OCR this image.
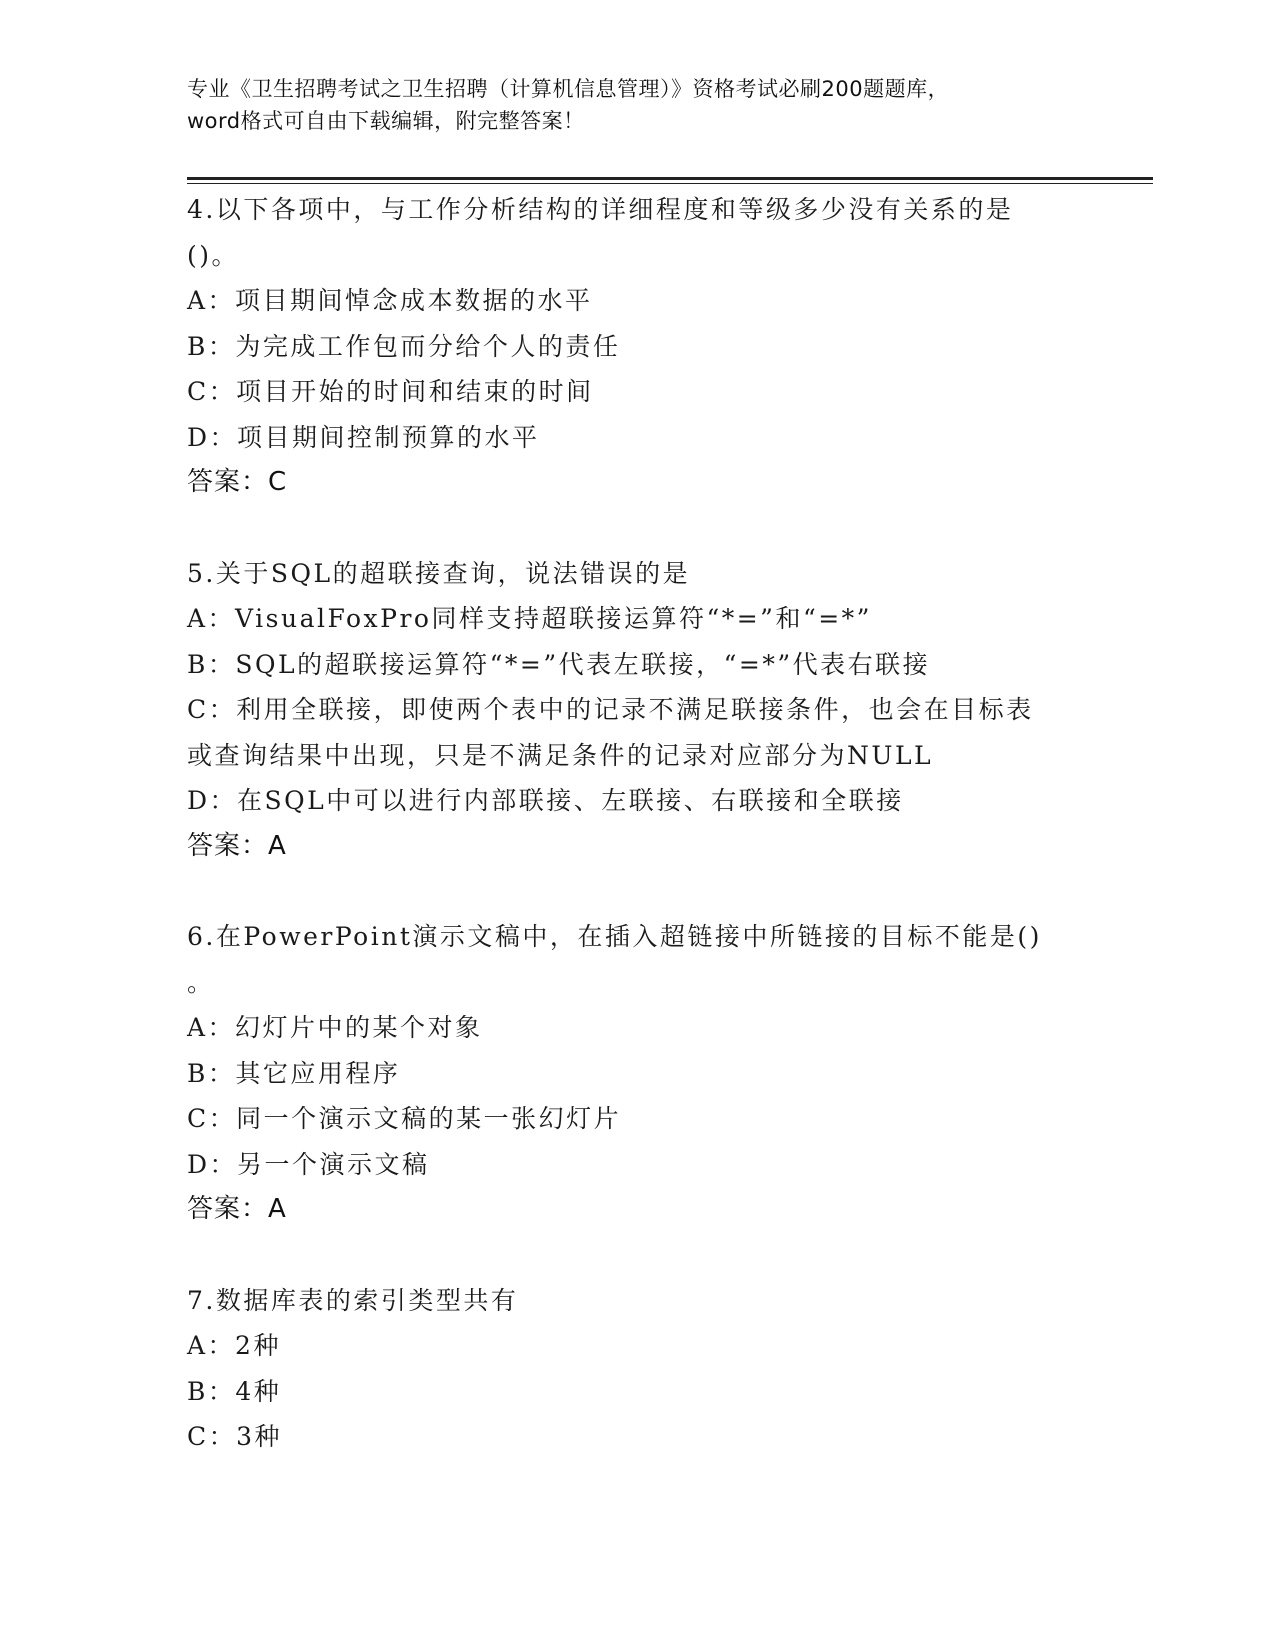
专业《卫生招聘考试之卫生招聘（计算机信息管理）》资格考试必刷200题题库，
word格式可自由下载编辑，附完整答案！
4.以下各项中，与工作分析结构的详细程度和等级多少没有关系的是
()。
A：项目期间悼念成本数据的水平
B：为完成工作包而分给个人的责任
C：项目开始的时间和结束的时间
D：项目期间控制预算的水平
答案：C
5.关于SQL的超联接查询，说法错误的是
A：VisualFoxPro同样支持超联接运算符“*=”和“=*”
B：SQL的超联接运算符“*=”代表左联接，“=*”代表右联接
C：利用全联接，即使两个表中的记录不满足联接条件，也会在目标表
或查询结果中出现，只是不满足条件的记录对应部分为NULL
D：在SQL中可以进行内部联接、左联接、右联接和全联接
答案：A
6.在PowerPoint演示文稿中，在插入超链接中所链接的目标不能是()
。
A：幻灯片中的某个对象
B：其它应用程序
C：同一个演示文稿的某一张幻灯片
D：另一个演示文稿
答案：A
7.数据库表的索引类型共有
A：2种
B：4种
C：3种
